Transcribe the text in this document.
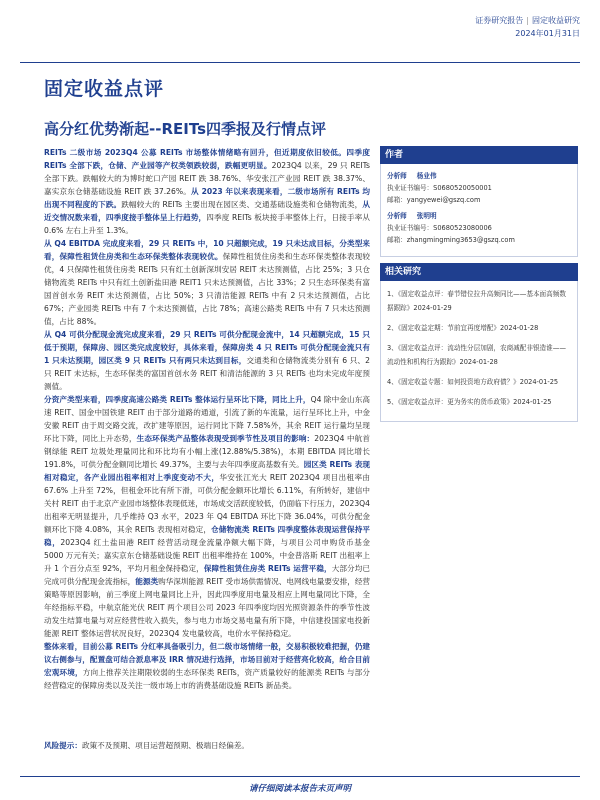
证券研究报告 | 固定收益研究
2024年01月31日
固定收益点评
高分红优势渐起--REITs四季报及行情点评

REITs 二级市场 2023Q4 公募 REITs 市场整体情绪略有回升，但近期度依旧较低。四季度 REITs 全部下跌，仓储、产业园等产权类领跌较弱，跌幅更明显。2023Q4 以来，29 只 REITs 全部下跌。跌幅较大的为博时蛇口产园 REIT 跌 38.76%、华安张江产业园 REIT 跌 38.37%、嘉实京东仓储基础设施 REIT 跌 37.26%。从 2023 年以来表现来看，二级市场所有 REITs 均出现不同程度的下跌。跌幅较大的 REITs 主要出现在园区类、交通基础设施类和仓储物流类，从近交情况数来看，四季度接手整体呈上行趋势，四季度 REITs 板块接手率整体上行，日接手率从 0.6% 左右上升至 1.3%。

从 Q4 EBITDA 完成度来看，29 只 REITs 中，10 只超额完成，19 只未达成目标，分类型来看，保障性租赁住房类和生态环保类整体表现较优。保障性租赁住房类和生态环保类整体表现较优，4 只保障性租赁住房类 REITs 只有红土创新深圳安居 REIT 未达预测值，占比 25%；3 只仓储物流类 REITs 中只有红土创新盐田港 REIT1 只未达预测值，占比 33%；2 只生态环保类有富国首创水务 REIT 未达预测值，占比 50%；3 只清洁能源 REITs 中有 2 只未达预测值，占比 67%；产业园类 REITs 中有 7 个未达预测值，占比 78%；高速公路类 REITs 中有 7 只未达预测值，占比 88%。

从 Q4 可供分配现金流完成度来看，29 只 REITs 可供分配现金流中，14 只超额完成，15 只低于预期，保障房、园区类完成度较好，具体来看，保障房类 4 只 REITs 可供分配现金流只有 1 只未达预期，园区类 9 只 REITs 只有两只未达到目标，交通类和仓储物流类分别有 6 只、2 只 REIT 未达标，生态环保类的富国首创水务 REIT 和清洁能源的 3 只 REITs 也均未完成年度预测值。

分资产类型来看，四季度高速公路类 REITs 整体运行呈环比下降，同比上升，Q4 除中金山东高速 REIT、国金中国铁建 REIT 由于部分道路的通道，引流了新的车流量，运行呈环比上升，中金安徽 REIT 由于周交路交流，改扩建等原因，运行同比下降 7.58%外，其余 REIT 运行量均呈现环比下降，同比上升态势，生态环保类产品整体表现受到季节性及项目的影响：2023Q4 中航首钢绿能 REIT 垃圾处理量同比和环比均有小幅上涨(12.88%/5.38%)，本期 EBITDA 同比增长 191.8%，可供分配金额同比增长 49.37%，主要与去年四季度高基数有关。园区类 REITs 表现相对稳定，各产业园出租率相对上季度变动不大，华安张江光大 REIT 2023Q4 项目出租率由 67.6% 上升至 72%，但租金环比有所下滑，可供分配金额环比增长 6.11%，有所转好，建信中关村 REIT 由于北京产业园市场整体表现低迷，市场成交活跃度较低，仍面临下行压力，2023Q4 出租率无明显提升，几乎维持 Q3 水平，2023 年 Q4 EBITDA 环比下降 36.04%，可供分配金额环比下降 4.08%，其余 REITs 表现相对稳定，仓储物流类 REITs 四季度整体表现运营保持平稳，2023Q4 红土盐田港 REIT 经营活动现金流量净额大幅下降，与项目公司申购货币基金 5000 万元有关；嘉实京东仓储基础设施 REIT 出租率维持在 100%，中金普洛斯 REIT 出租率上升 1 个百分点至 92%，平均月租金保持稳定，保障性租赁住房类 REITs 运营平稳，大部分均已完成可供分配现金流指标，能源类购华深圳能源 REIT 受市场供需情况、电网线电量要安排，经营策略等原因影响，前三季度上网电量同比上升，因此四季度用电量及相应上网电量同比下降，全年经指标平稳，中航京能光伏 REIT 两个项目公司 2023 年四季度均因光照资源条件的季节性波动发生结算电量与对应经营性收入损失，参与电力市场交易电量有所下降，中信建投国家电投新能源 REIT 整体运营状况良好，2023Q4 发电量较高，电价水平保持稳定。

整体来看，目前公募 REITs 分红率具备吸引力，但二级市场情绪一般，交易积极较难把握，仍建议右侧参与，配置盘可结合派息率及 IRR 情况进行选择，市场目前对于经营亮化较高，给合目前宏观环境，方向上推荐关注期限较弱的生态环保类 REITs，资产质量较好的能源类 REITs 与部分经营稳定的保障房类以及关注一级市场上市的消费基础设施 REITs 新品类。

风险提示：政策不及预期、项目运营超预期、极端日经偏差。
作者
分析师 杨业伟
执业证书编号：S0680520050001
邮箱：yangyewei@gszq.com
分析师 张明明
执业证书编号：S0680523080006
邮箱：zhangmingming3653@gszq.com
相关研究
1、《固定收益点评：春节错位拉升高频同比——基本面高频数据跟踪》2024-01-29
2、《固定收益定期：节前宜再度增配》2024-01-28
3、《固定收益点评：流动性分层加剧，农商减配非银造谁——流动性和机构行为跟踪》2024-01-28
4、《固定收益专题：如何投资地方政府债？》2024-01-25
5、《固定收益点评：更为务实的货币政策》2024-01-25
请仔细阅读本报告末页声明
